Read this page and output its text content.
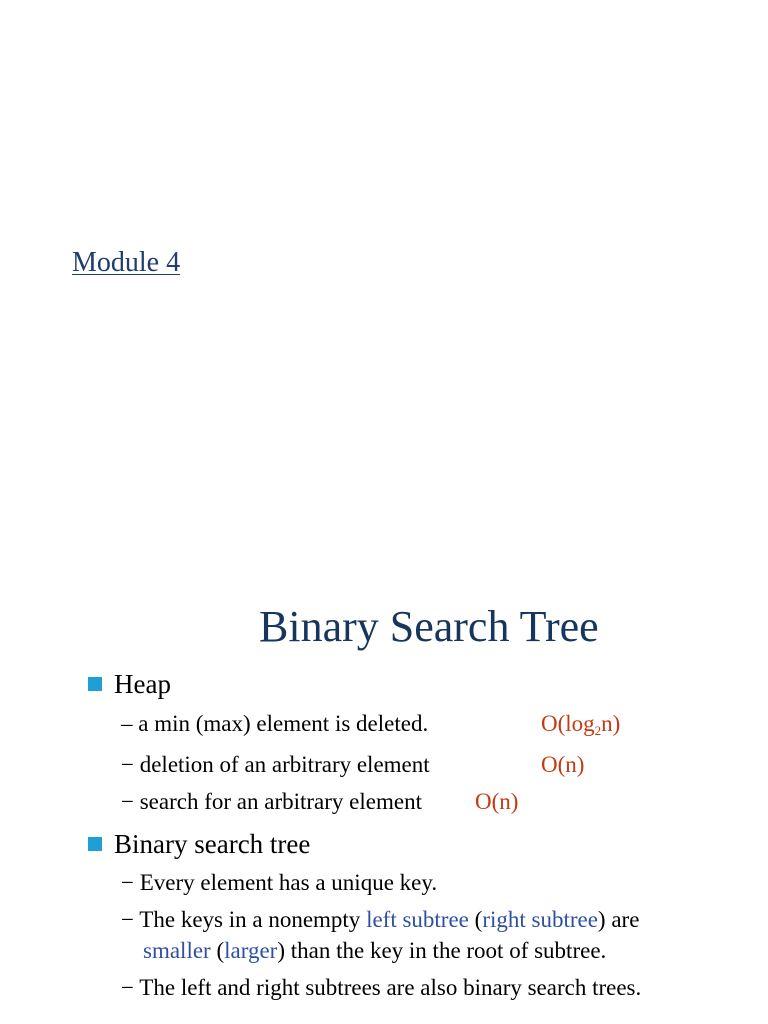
Module 4
Binary Search Tree
Heap
– a min (max) element is deleted.	$O(\log_2n)$
− deletion of an arbitrary element	O(n)
− search for an arbitrary element O(n)
Binary search tree
− Every element has a unique key.
− The keys in a nonempty left subtree (right subtree) are
smaller (larger) than the key in the root of subtree.
− The left and right subtrees are also binary search trees.
